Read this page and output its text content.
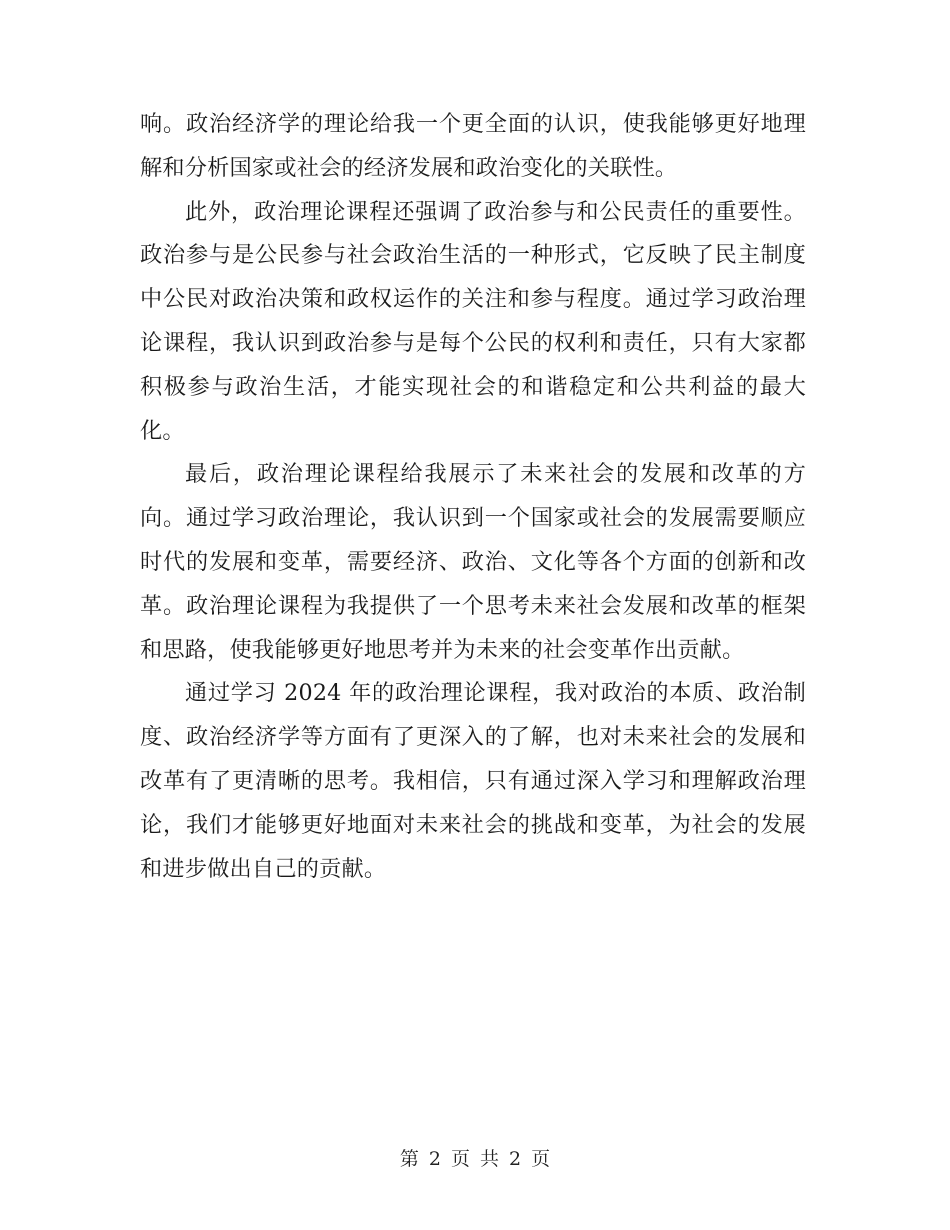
响。政治经济学的理论给我一个更全面的认识，使我能够更好地理解和分析国家或社会的经济发展和政治变化的关联性。

此外，政治理论课程还强调了政治参与和公民责任的重要性。政治参与是公民参与社会政治生活的一种形式，它反映了民主制度中公民对政治决策和政权运作的关注和参与程度。通过学习政治理论课程，我认识到政治参与是每个公民的权利和责任，只有大家都积极参与政治生活，才能实现社会的和谐稳定和公共利益的最大化。

最后，政治理论课程给我展示了未来社会的发展和改革的方向。通过学习政治理论，我认识到一个国家或社会的发展需要顺应时代的发展和变革，需要经济、政治、文化等各个方面的创新和改革。政治理论课程为我提供了一个思考未来社会发展和改革的框架和思路，使我能够更好地思考并为未来的社会变革作出贡献。

通过学习 2024 年的政治理论课程，我对政治的本质、政治制度、政治经济学等方面有了更深入的了解，也对未来社会的发展和改革有了更清晰的思考。我相信，只有通过深入学习和理解政治理论，我们才能够更好地面对未来社会的挑战和变革，为社会的发展和进步做出自己的贡献。

第 2 页 共 2 页
